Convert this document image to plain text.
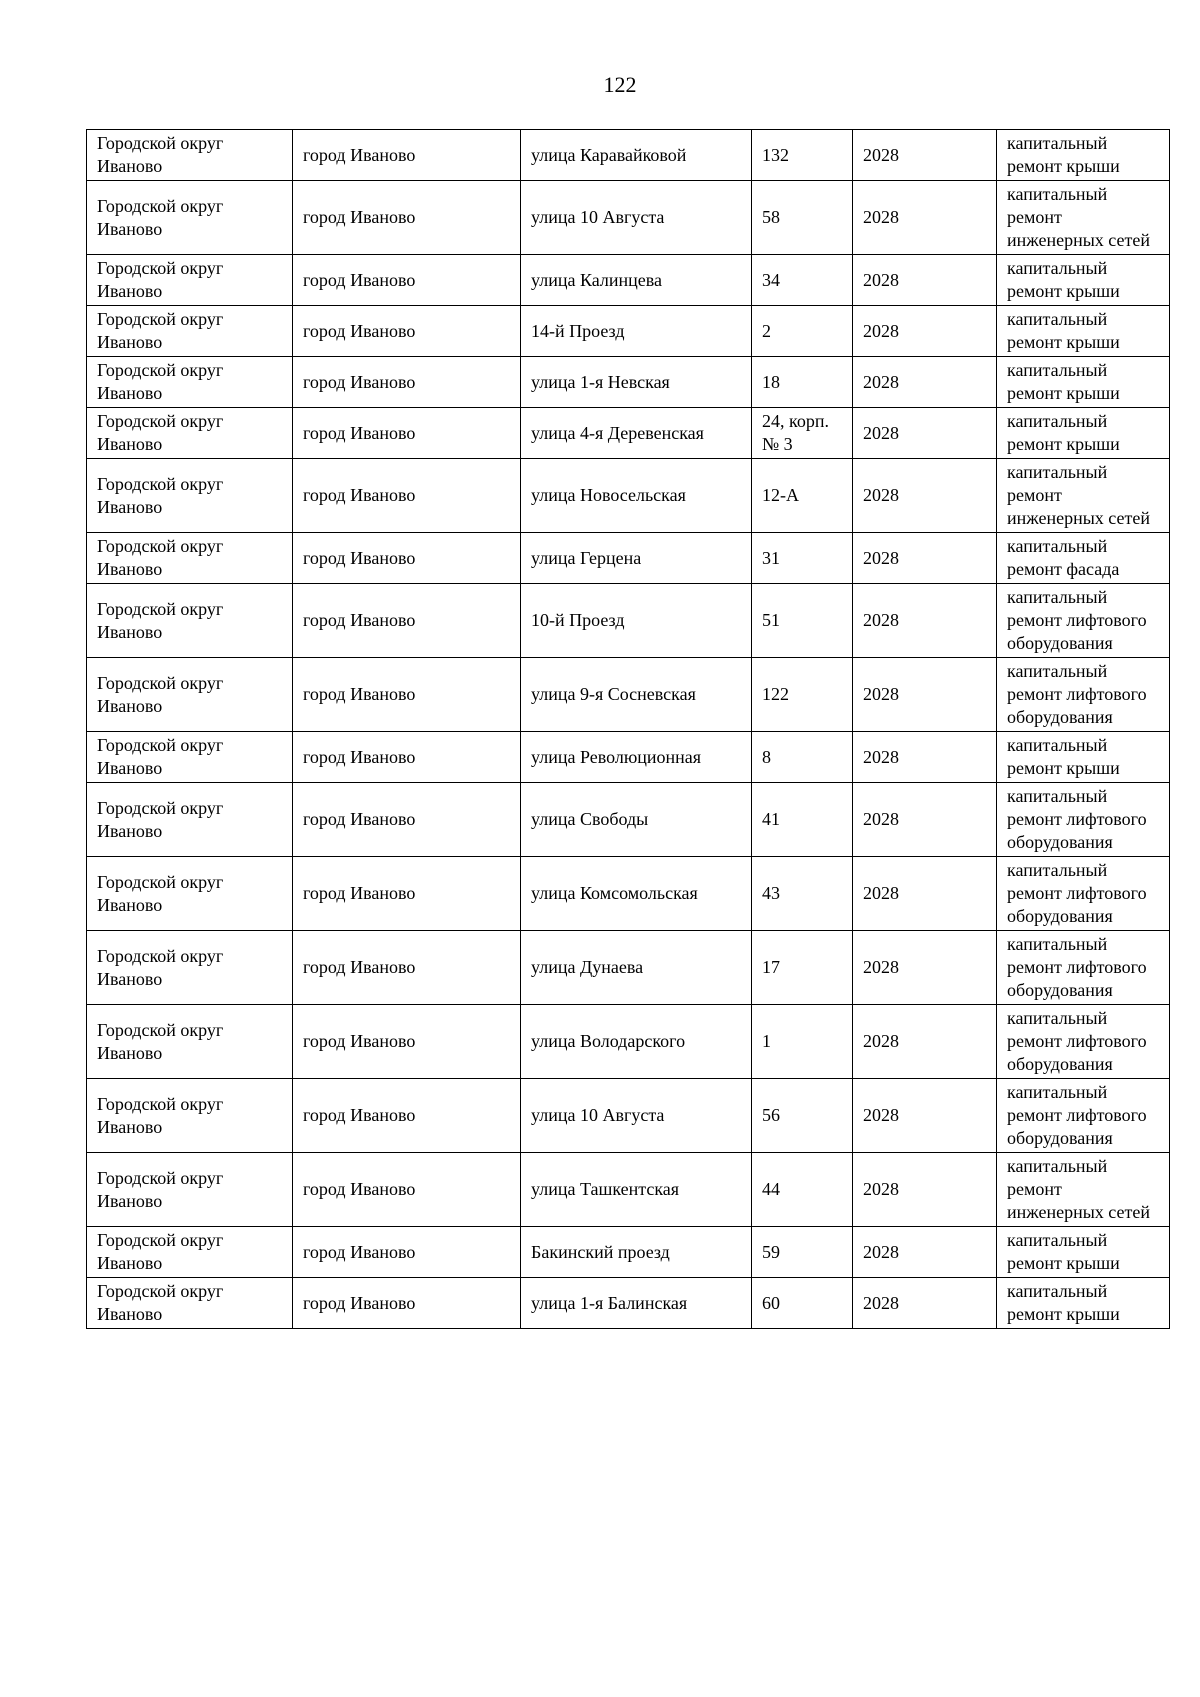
122
Городской округ Иваново	город Иваново	улица Каравайковой	132	2028	капитальный ремонт крыши
Городской округ Иваново	город Иваново	улица 10 Августа	58	2028	капитальный ремонт инженерных сетей
Городской округ Иваново	город Иваново	улица Калинцева	34	2028	капитальный ремонт крыши
Городской округ Иваново	город Иваново	14-й Проезд	2	2028	капитальный ремонт крыши
Городской округ Иваново	город Иваново	улица 1-я Невская	18	2028	капитальный ремонт крыши
Городской округ Иваново	город Иваново	улица 4-я Деревенская	24, корп. № 3	2028	капитальный ремонт крыши
Городской округ Иваново	город Иваново	улица Новосельская	12-А	2028	капитальный ремонт инженерных сетей
Городской округ Иваново	город Иваново	улица Герцена	31	2028	капитальный ремонт фасада
Городской округ Иваново	город Иваново	10-й Проезд	51	2028	капитальный ремонт лифтового оборудования
Городской округ Иваново	город Иваново	улица 9-я Сосневская	122	2028	капитальный ремонт лифтового оборудования
Городской округ Иваново	город Иваново	улица Революционная	8	2028	капитальный ремонт крыши
Городской округ Иваново	город Иваново	улица Свободы	41	2028	капитальный ремонт лифтового оборудования
Городской округ Иваново	город Иваново	улица Комсомольская	43	2028	капитальный ремонт лифтового оборудования
Городской округ Иваново	город Иваново	улица Дунаева	17	2028	капитальный ремонт лифтового оборудования
Городской округ Иваново	город Иваново	улица Володарского	1	2028	капитальный ремонт лифтового оборудования
Городской округ Иваново	город Иваново	улица 10 Августа	56	2028	капитальный ремонт лифтового оборудования
Городской округ Иваново	город Иваново	улица Ташкентская	44	2028	капитальный ремонт инженерных сетей
Городской округ Иваново	город Иваново	Бакинский проезд	59	2028	капитальный ремонт крыши
Городской округ Иваново	город Иваново	улица 1-я Балинская	60	2028	капитальный ремонт крыши
